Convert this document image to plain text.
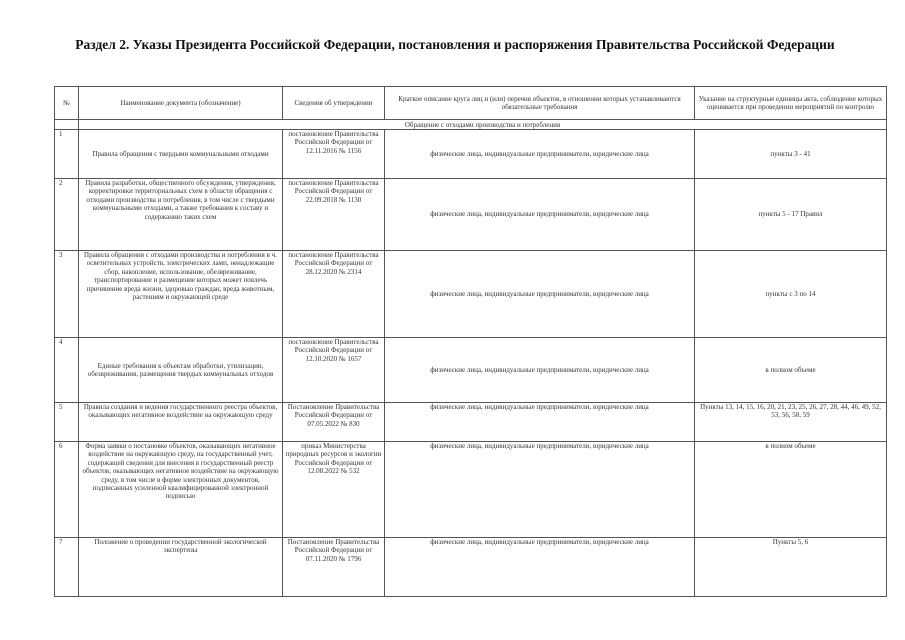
Раздел 2. Указы Президента Российской Федерации, постановления и распоряжения Правительства Российской Федерации
№	Наименование документа (обозначение)	Сведения об утверждении	Краткое описание круга лиц и (или) перечня объектов, в отношении которых устанавливаются обязательные требования	Указание на структурные единицы акта, соблюдение которых оценивается при проведении мероприятий по контролю
	Обращение с отходами производства и потребления			
1	Правила обращения с твердыми коммунальными отходами	постановление Правительства Российской Федерации от 12.11.2016 № 1156	физические лица, индивидуальные предприниматели, юридические лица	пункты 3 - 41
2	Правила разработки, общественного обсуждения, утверждения, корректировки территориальных схем в области обращения с отходами производства и потребления, в том числе с твердыми коммунальными отходами, а также требования к составу и содержанию таких схем	постановление Правительства Российской Федерации от 22.09.2018 № 1130	физические лица, индивидуальные предприниматели, юридические лица	пункты 5 - 17 Правил
3	Правила обращения с отходами производства и потребления в ч. осветительных устройств, электрических ламп, ненадлежащие сбор, накопление, использование, обезвреживание, транспортирование и размещение которых может повлечь причинение вреда жизни, здоровью граждан, вреда животным, растениям и окружающей среде	постановление Правительства Российской Федерации от 28.12.2020 № 2314	физические лица, индивидуальные предприниматели, юридические лица	пункты с 3 по 14
4	Единые требования к объектам обработки, утилизации, обезвреживания, размещения твердых коммунальных отходов	постановление Правительства Российской Федерации от 12.10.2020 № 1657	физические лица, индивидуальные предприниматели, юридические лица	в полном объеме
5	Правила создания и ведения государственного реестра объектов, оказывающих негативное воздействие на окружающую среду	Постановление Правительства Российской Федерации от 07.05.2022 № 830	физические лица, индивидуальные предприниматели, юридические лица	Пункты 13, 14, 15, 16, 20, 21, 23, 25, 26, 27, 28, 44, 46, 49, 52, 53, 56, 58, 59
6	Форма заявки о постановке объектов, оказывающих негативное воздействие на окружающую среду, на государственный учет, содержащей сведения для внесения в государственный реестр объектов, оказывающих негативное воздействие на окружающую среду, в том числе в форме электронных документов, подписанных усиленной квалифицированной электронной подписью	приказ Министерства природных ресурсов и экологии Российской Федерации от 12.08.2022 № 532	физические лица, индивидуальные предприниматели, юридические лица	в полном объеме
7	Положение о проведении государственной экологической экспертизы	Постановление Правительства Российской Федерации от 07.11.2020 № 1796	физические лица, индивидуальные предприниматели, юридические лица	Пункты 5, 6
